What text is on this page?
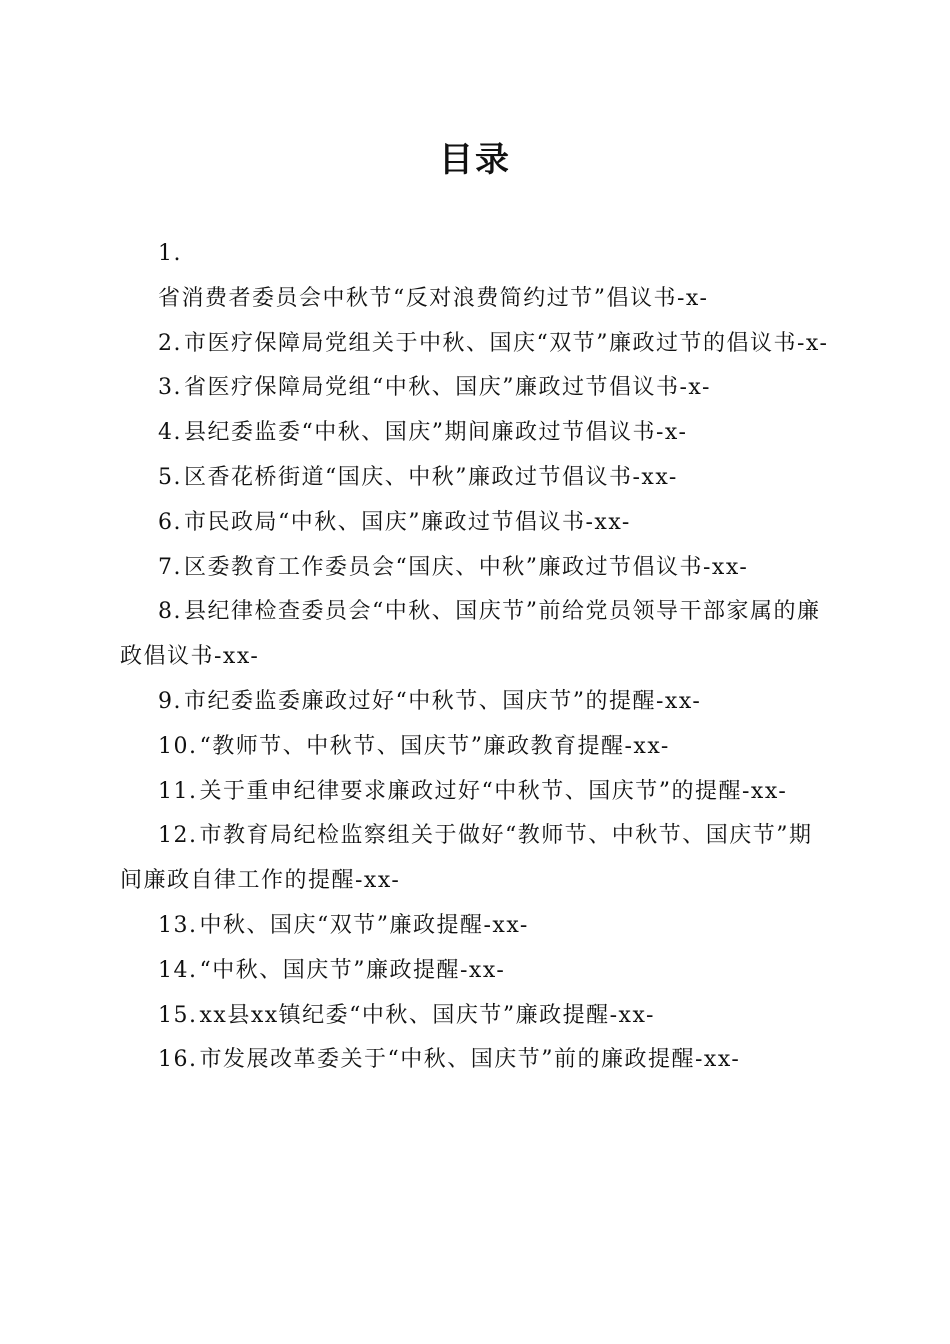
目录
1.
省消费者委员会中秋节“反对浪费简约过节”倡议书-x-
2.市医疗保障局党组关于中秋、国庆“双节”廉政过节的倡议书-x-
3.省医疗保障局党组“中秋、国庆”廉政过节倡议书-x-
4.县纪委监委“中秋、国庆”期间廉政过节倡议书-x-
5.区香花桥街道“国庆、中秋”廉政过节倡议书-xx-
6.市民政局“中秋、国庆”廉政过节倡议书-xx-
7.区委教育工作委员会“国庆、中秋”廉政过节倡议书-xx-
8.县纪律检查委员会“中秋、国庆节”前给党员领导干部家属的廉政倡议书-xx-
9.市纪委监委廉政过好“中秋节、国庆节”的提醒-xx-
10.“教师节、中秋节、国庆节”廉政教育提醒-xx-
11.关于重申纪律要求廉政过好“中秋节、国庆节”的提醒-xx-
12.市教育局纪检监察组关于做好“教师节、中秋节、国庆节”期间廉政自律工作的提醒-xx-
13.中秋、国庆“双节”廉政提醒-xx-
14.“中秋、国庆节”廉政提醒-xx-
15.xx县xx镇纪委“中秋、国庆节”廉政提醒-xx-
16.市发展改革委关于“中秋、国庆节”前的廉政提醒-xx-
